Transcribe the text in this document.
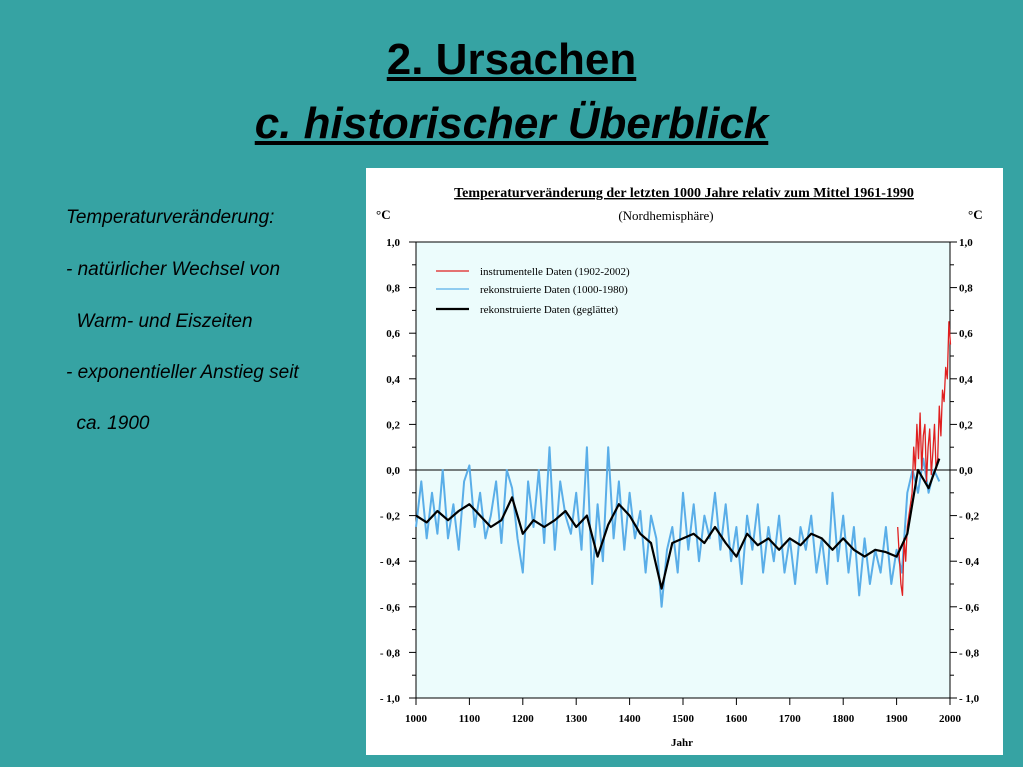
2. Ursachen
c. historischer Überblick
Temperaturveränderung:
- natürlicher Wechsel von
Warm- und Eiszeiten
- exponentieller Anstieg seit
ca. 1900
Temperaturveränderung der letzten 1000 Jahre relativ zum Mittel 1961-1990
(Nordhemisphäre)
°C	°C
Jahr
1,0	1,0
0,8	0,8
0,6	0,6
0,4	0,4
0,2	0,2
0,0	0,0
- 0,2	- 0,2
- 0,4	- 0,4
- 0,6	- 0,6
- 0,8	- 0,8
- 1,0	- 1,0
1000	1100	1200	1300	1400	1500	1600	1700	1800	1900	2000
instrumentelle Daten (1902-2002)
rekonstruierte Daten (1000-1980)
rekonstruierte Daten (geglättet)
